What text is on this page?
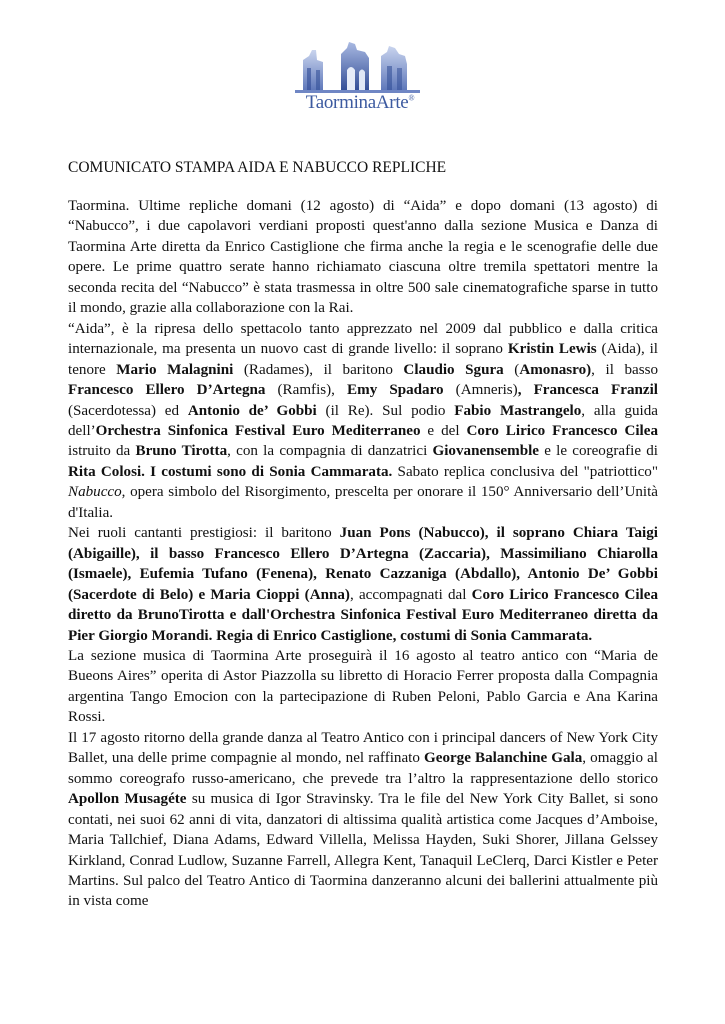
TaorminaArte®
COMUNICATO STAMPA AIDA E NABUCCO REPLICHE

Taormina. Ultime repliche domani (12 agosto) di “Aida” e dopo domani (13 agosto) di “Nabucco”, i due capolavori verdiani proposti quest'anno dalla sezione Musica e Danza di Taormina Arte diretta da Enrico Castiglione che firma anche la regia e le scenografie delle due opere. Le prime quattro serate hanno richiamato ciascuna oltre tremila spettatori mentre la seconda recita del “Nabucco” è stata trasmessa in oltre 500 sale cinematografiche sparse in tutto il mondo, grazie alla collaborazione con la Rai.

“Aida”, è la ripresa dello spettacolo tanto apprezzato nel 2009 dal pubblico e dalla critica internazionale, ma presenta un nuovo cast di grande livello: il soprano Kristin Lewis (Aida), il tenore Mario Malagnini (Radames), il baritono Claudio Sgura (Amonasro), il basso Francesco Ellero D’Artegna (Ramfis), Emy Spadaro (Amneris), Francesca Franzil (Sacerdotessa) ed Antonio de’ Gobbi (il Re). Sul podio Fabio Mastrangelo, alla guida dell’Orchestra Sinfonica Festival Euro Mediterraneo e del Coro Lirico Francesco Cilea istruito da Bruno Tirotta, con la compagnia di danzatrici Giovanensemble e le coreografie di Rita Colosi. I costumi sono di Sonia Cammarata. Sabato replica conclusiva del "patriottico" Nabucco, opera simbolo del Risorgimento, prescelta per onorare il 150° Anniversario dell’Unità d'Italia.

Nei ruoli cantanti prestigiosi: il baritono Juan Pons (Nabucco), il soprano Chiara Taigi (Abigaille), il basso Francesco Ellero D’Artegna (Zaccaria), Massimiliano Chiarolla (Ismaele), Eufemia Tufano (Fenena), Renato Cazzaniga (Abdallo), Antonio De’ Gobbi (Sacerdote di Belo) e Maria Cioppi (Anna), accompagnati dal Coro Lirico Francesco Cilea diretto da BrunoTirotta e dall'Orchestra Sinfonica Festival Euro Mediterraneo diretta da Pier Giorgio Morandi. Regia di Enrico Castiglione, costumi di Sonia Cammarata.

La sezione musica di Taormina Arte proseguirà il 16 agosto al teatro antico con “Maria de Bueons Aires” operita di Astor Piazzolla su libretto di Horacio Ferrer proposta dalla Compagnia argentina Tango Emocion con la partecipazione di Ruben Peloni, Pablo Garcia e Ana Karina Rossi.

Il 17 agosto ritorno della grande danza al Teatro Antico con i principal dancers of New York City Ballet, una delle prime compagnie al mondo, nel raffinato George Balanchine Gala, omaggio al sommo coreografo russo-americano, che prevede tra l’altro la rappresentazione dello storico Apollon Musagéte su musica di Igor Stravinsky. Tra le file del New York City Ballet, si sono contati, nei suoi 62 anni di vita, danzatori di altissima qualità artistica come Jacques d’Amboise, Maria Tallchief, Diana Adams, Edward Villella, Melissa Hayden, Suki Shorer, Jillana Gelssey Kirkland, Conrad Ludlow, Suzanne Farrell, Allegra Kent, Tanaquil LeClerq, Darci Kistler e Peter Martins. Sul palco del Teatro Antico di Taormina danzeranno alcuni dei ballerini attualmente più in vista come
